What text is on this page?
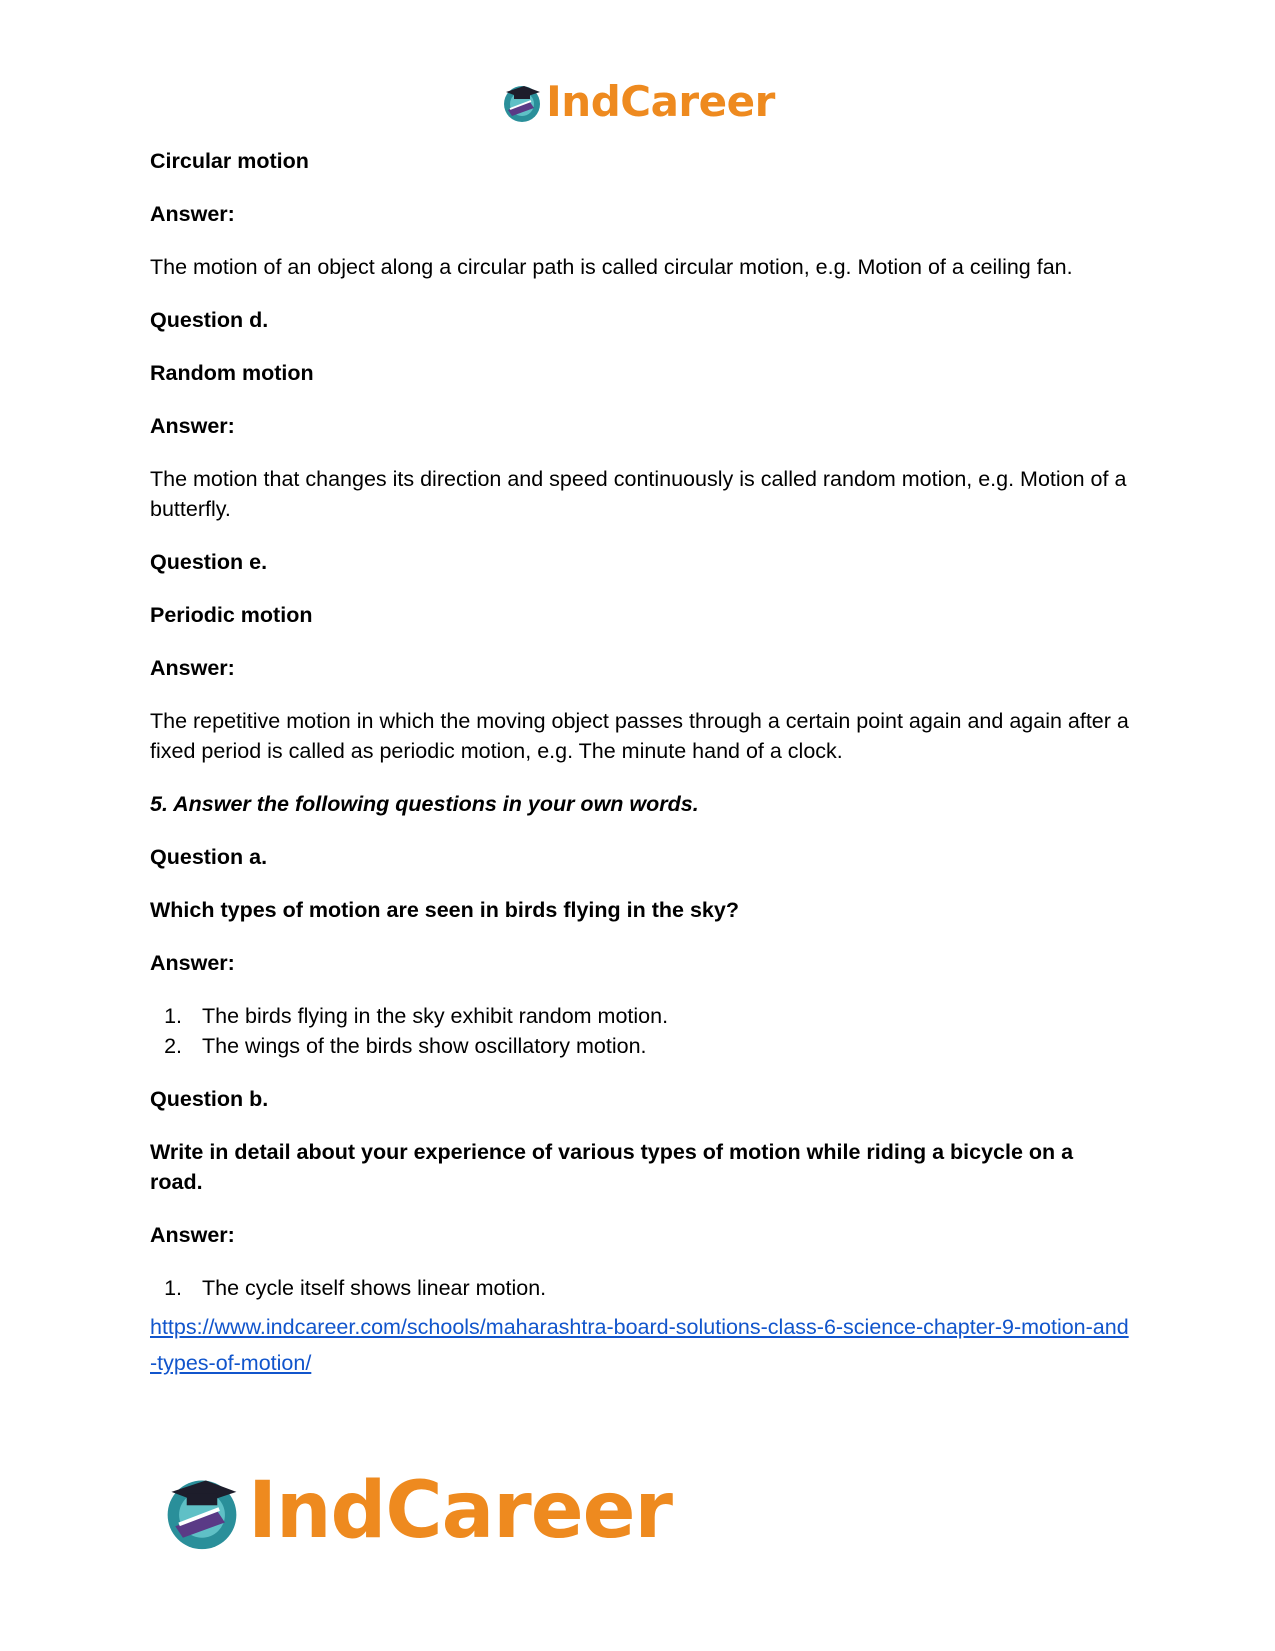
IndCareer

Circular motion

Answer:

The motion of an object along a circular path is called circular motion, e.g. Motion of a ceiling fan.

Question d.

Random motion

Answer:

The motion that changes its direction and speed continuously is called random motion, e.g. Motion of a butterfly.

Question e.

Periodic motion

Answer:

The repetitive motion in which the moving object passes through a certain point again and again after a fixed period is called as periodic motion, e.g. The minute hand of a clock.

5. Answer the following questions in your own words.

Question a.

Which types of motion are seen in birds flying in the sky?

Answer:

1. The birds flying in the sky exhibit random motion.
2. The wings of the birds show oscillatory motion.

Question b.

Write in detail about your experience of various types of motion while riding a bicycle on a road.

Answer:

1. The cycle itself shows linear motion.
https://www.indcareer.com/schools/maharashtra-board-solutions-class-6-science-chapter-9-motion-and-types-of-motion/
IndCareer
